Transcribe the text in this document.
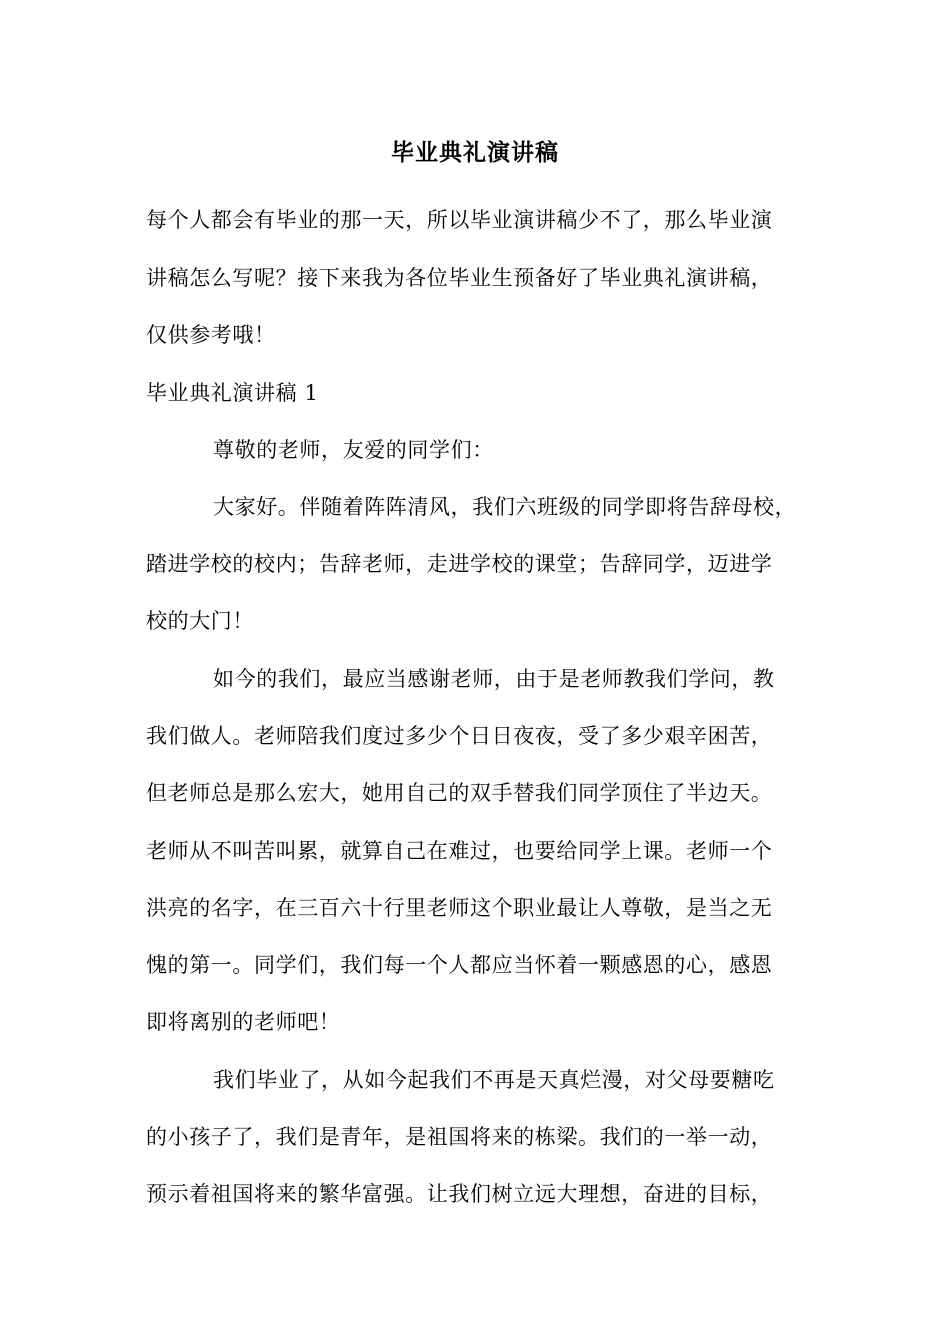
毕业典礼演讲稿
每个人都会有毕业的那一天，所以毕业演讲稿少不了，那么毕业演
讲稿怎么写呢？接下来我为各位毕业生预备好了毕业典礼演讲稿，
仅供参考哦！
毕业典礼演讲稿 1
尊敬的老师，友爱的同学们：
大家好。伴随着阵阵清风，我们六班级的同学即将告辞母校，
踏进学校的校内；告辞老师，走进学校的课堂；告辞同学，迈进学
校的大门！
如今的我们，最应当感谢老师，由于是老师教我们学问，教
我们做人。老师陪我们度过多少个日日夜夜，受了多少艰辛困苦，
但老师总是那么宏大，她用自己的双手替我们同学顶住了半边天。
老师从不叫苦叫累，就算自己在难过，也要给同学上课。老师一个
洪亮的名字，在三百六十行里老师这个职业最让人尊敬，是当之无
愧的第一。同学们，我们每一个人都应当怀着一颗感恩的心，感恩
即将离别的老师吧！
我们毕业了，从如今起我们不再是天真烂漫，对父母要糖吃
的小孩子了，我们是青年，是祖国将来的栋梁。我们的一举一动，
预示着祖国将来的繁华富强。让我们树立远大理想，奋进的目标，
